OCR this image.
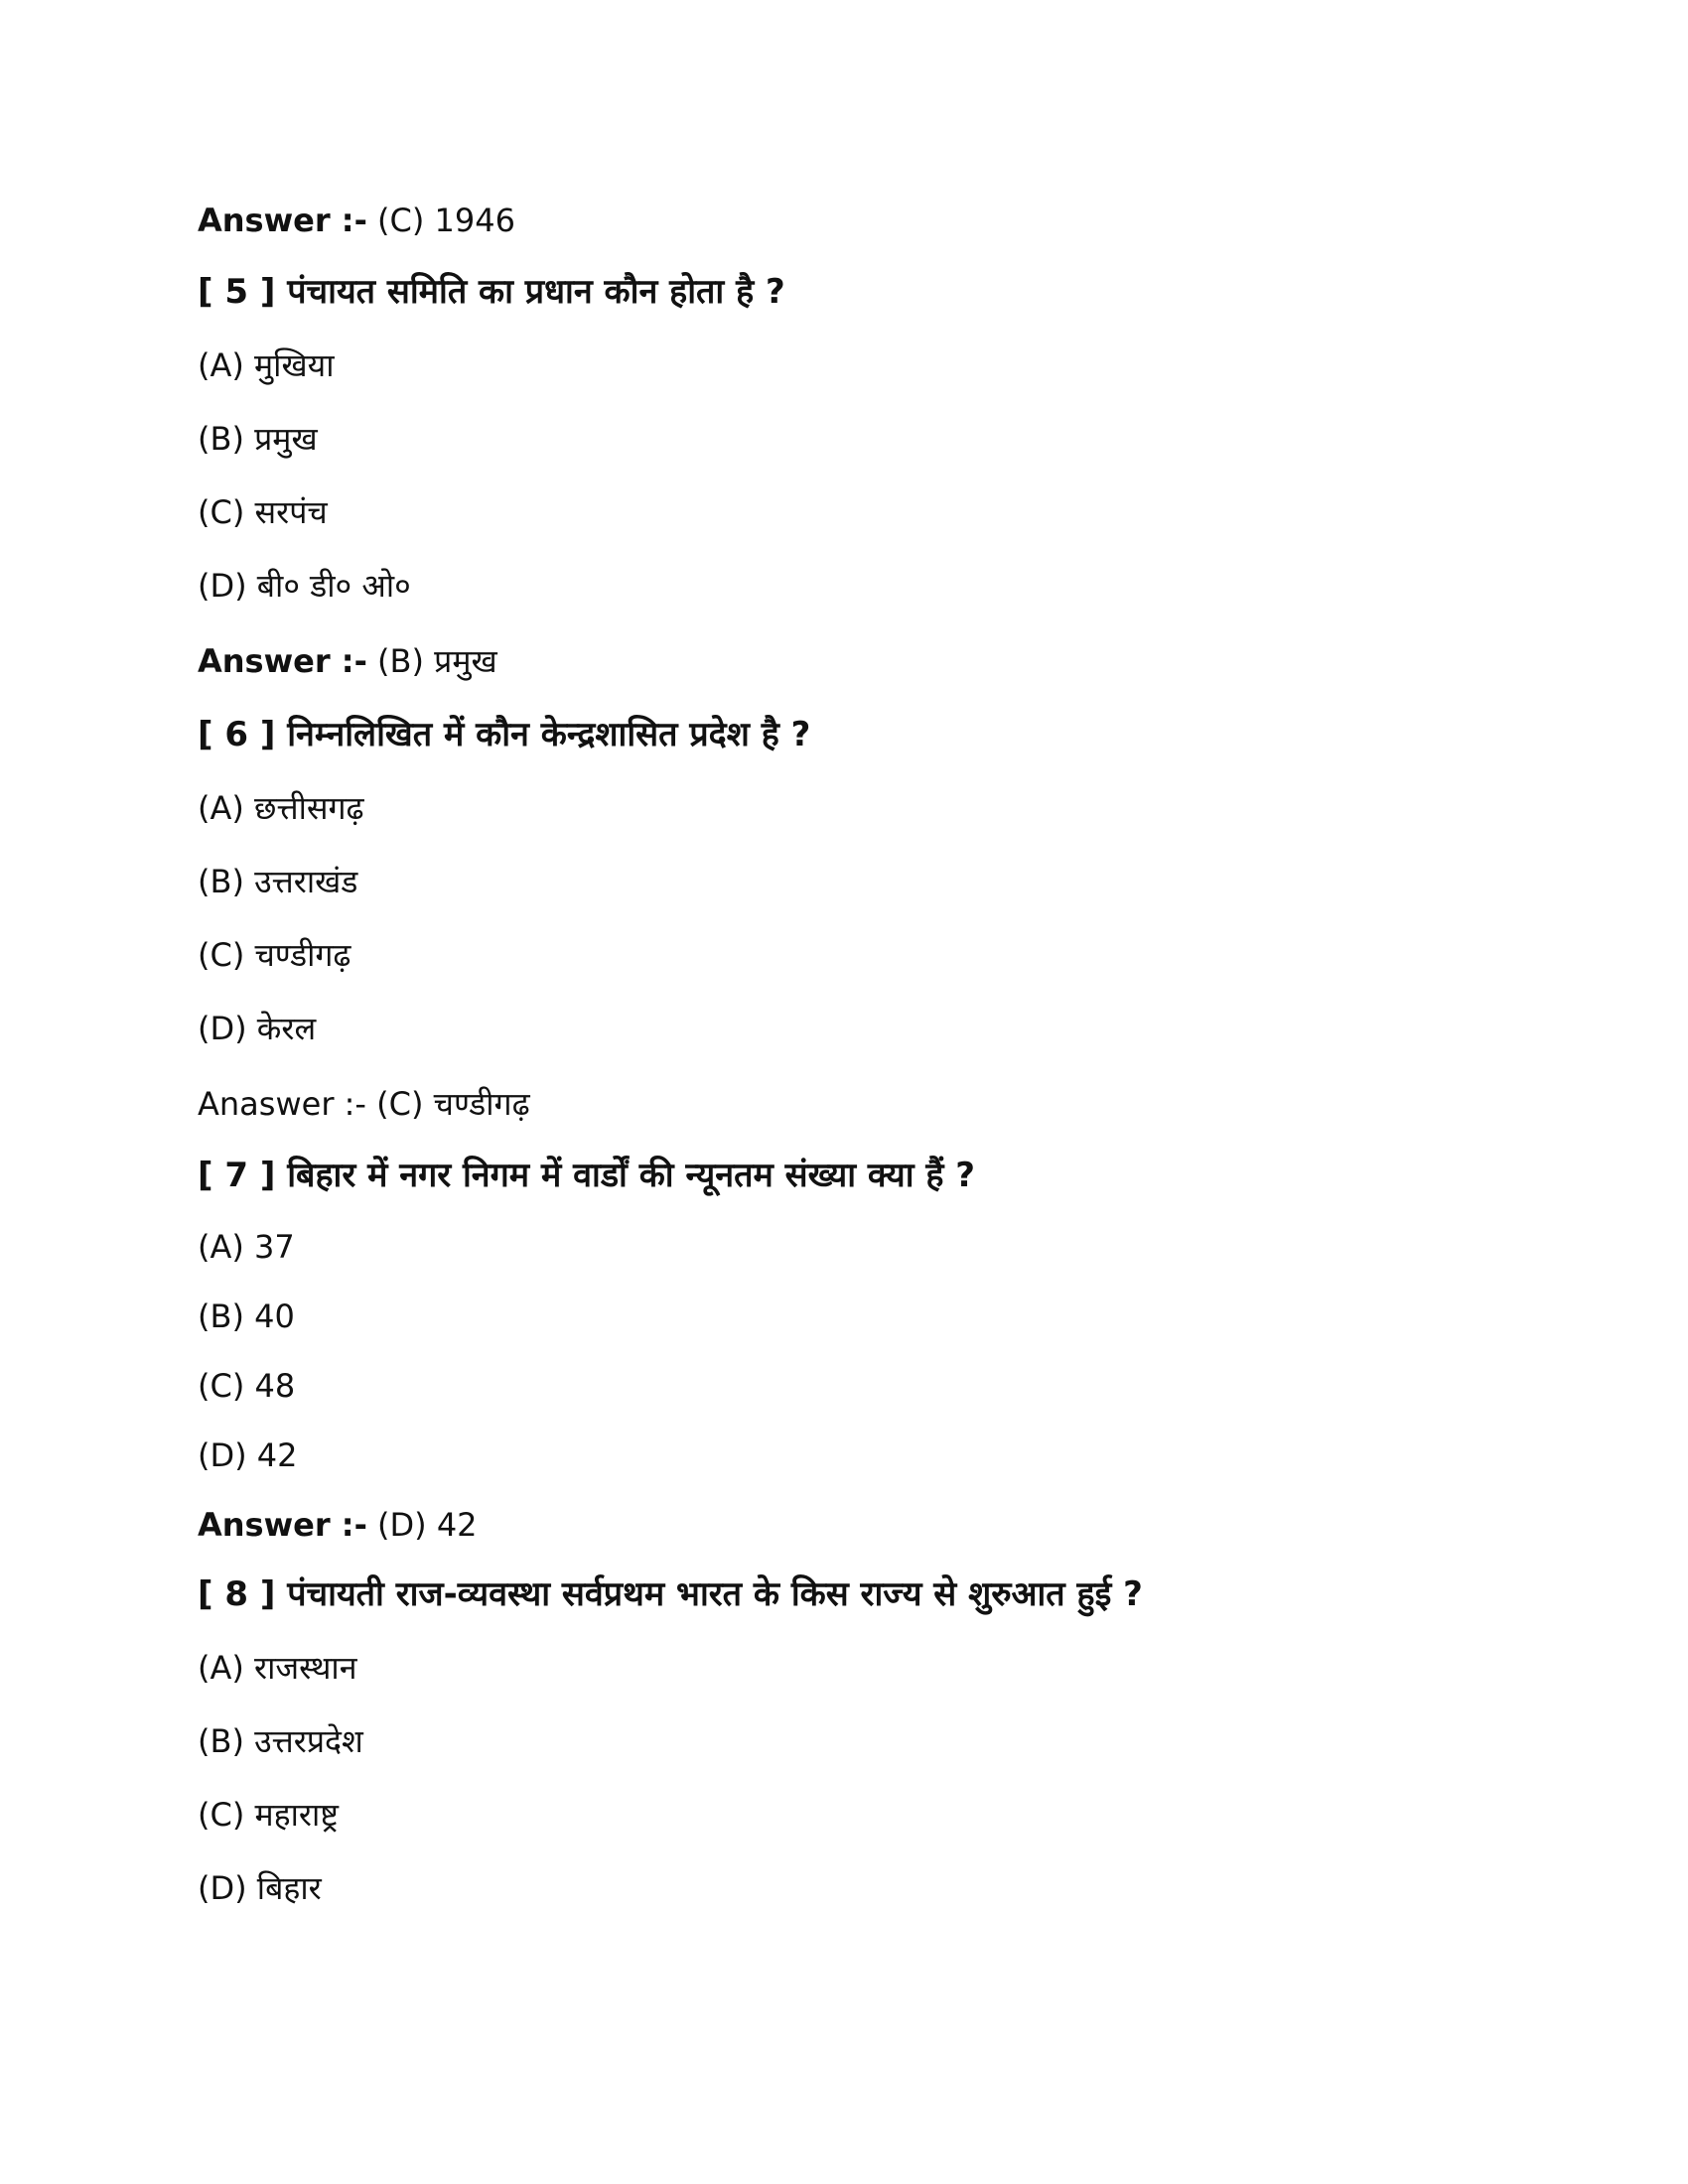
Answer :- (C) 1946
[ 5 ] पंचायत समिति का प्रधान कौन होता है ?
(A) मुखिया
(B) प्रमुख
(C) सरपंच
(D) बी० डी० ओ०
Answer :- (B) प्रमुख
[ 6 ] निम्नलिखित में कौन केन्द्रशासित प्रदेश है ?
(A) छत्तीसगढ़
(B) उत्तराखंड
(C) चण्डीगढ़
(D) केरल
Anaswer :- (C) चण्डीगढ़
[ 7 ] बिहार में नगर निगम में वार्डों की न्यूनतम संख्या क्या हैं ?
(A) 37
(B) 40
(C) 48
(D) 42
Answer :- (D) 42
[ 8 ] पंचायती राज-व्यवस्था सर्वप्रथम भारत के किस राज्य से शुरुआत हुई ?
(A) राजस्थान
(B) उत्तरप्रदेश
(C) महाराष्ट्र
(D) बिहार
